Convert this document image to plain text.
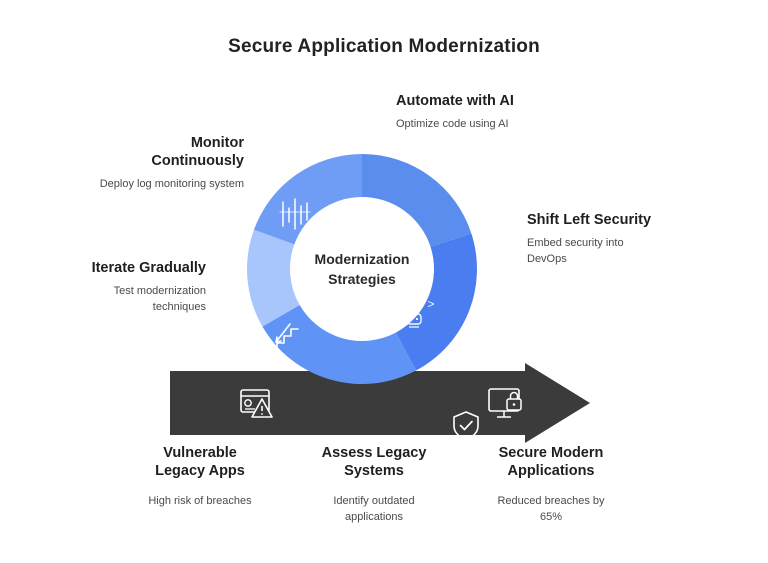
Secure Application Modernization
</>
</>
Modernization
Strategies
Automate with AI
Optimize code using AI
Shift Left Security
Embed security into DevOps
Monitor
Continuously
Deploy log monitoring system
Iterate Gradually
Test modernization techniques
Vulnerable
Legacy Apps
High risk of breaches
Assess Legacy
Systems
Identify outdated
applications
Secure Modern
Applications
Reduced breaches by
65%
